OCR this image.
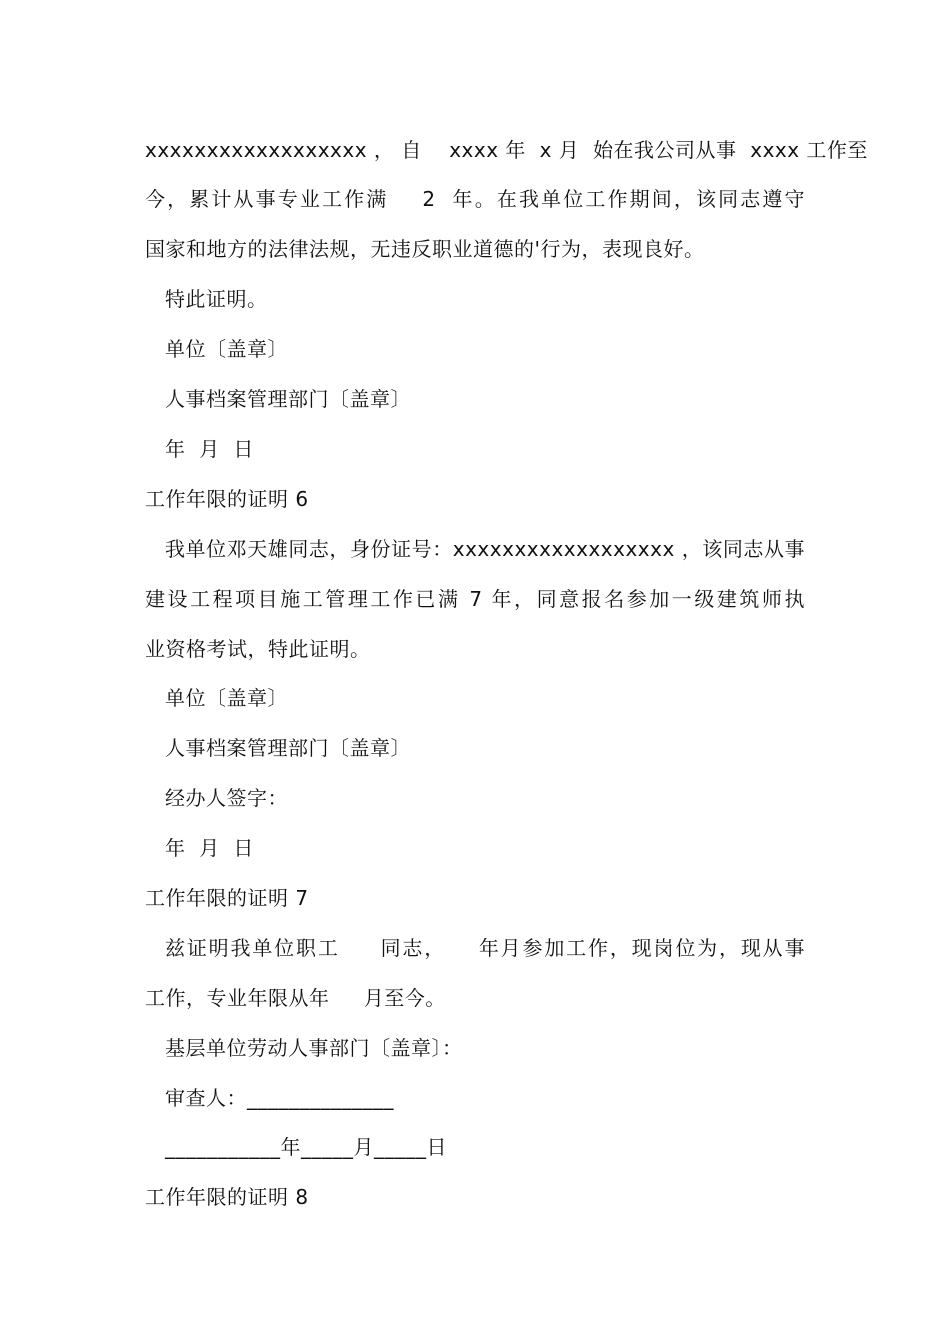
xxxxxxxxxxxxxxxxxx ， 自    xxxx 年  x 月  始在我公司从事  xxxx 工作至
今，累计从事专业工作满    2  年。在我单位工作期间，该同志遵守
国家和地方的法律法规，无违反职业道德的'行为，表现良好。
特此证明。
单位〔盖章〕
人事档案管理部门〔盖章〕
年  月  日
工作年限的证明 6
我单位邓天雄同志，身份证号：xxxxxxxxxxxxxxxxxx ，该同志从事
建设工程项目施工管理工作已满 7 年，同意报名参加一级建筑师执
业资格考试，特此证明。
单位〔盖章〕
人事档案管理部门〔盖章〕
经办人签字：
年  月  日
工作年限的证明 7
兹证明我单位职工     同志，    年月参加工作，现岗位为，现从事
工作，专业年限从年     月至今。
基层单位劳动人事部门〔盖章〕：
审查人：______________
___________年_____月_____日
工作年限的证明 8
